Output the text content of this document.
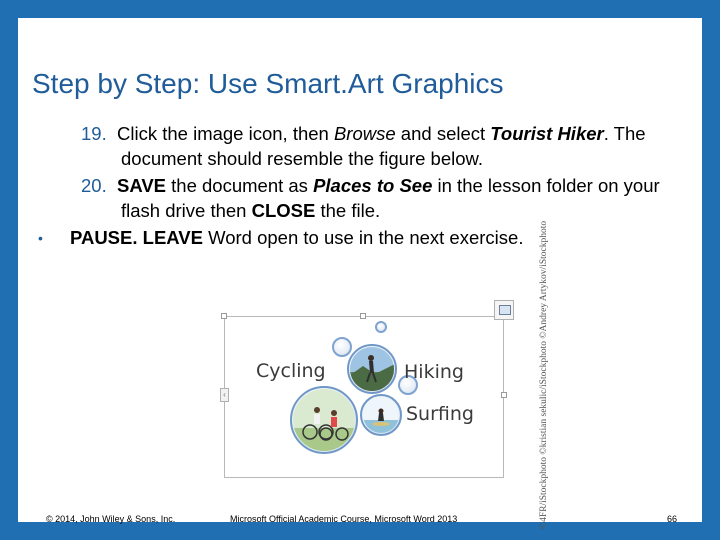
Step by Step: Use Smart.Art Graphics
19. Click the image icon, then Browse and select Tourist Hiker. The document should resemble the figure below.
20.  SAVE the document as Places to See in the lesson folder on your flash drive then CLOSE the file.
• PAUSE. LEAVE Word open to use in the next exercise.
‹
Cycling	Hiking
Surfing	©4FR/iStockphoto ©kristian sekulic/iStockphoto ©Andrey Artykov/iStockphoto
© 2014, John Wiley & Sons, Inc.	Microsoft Official Academic Course, Microsoft Word 2013	66
